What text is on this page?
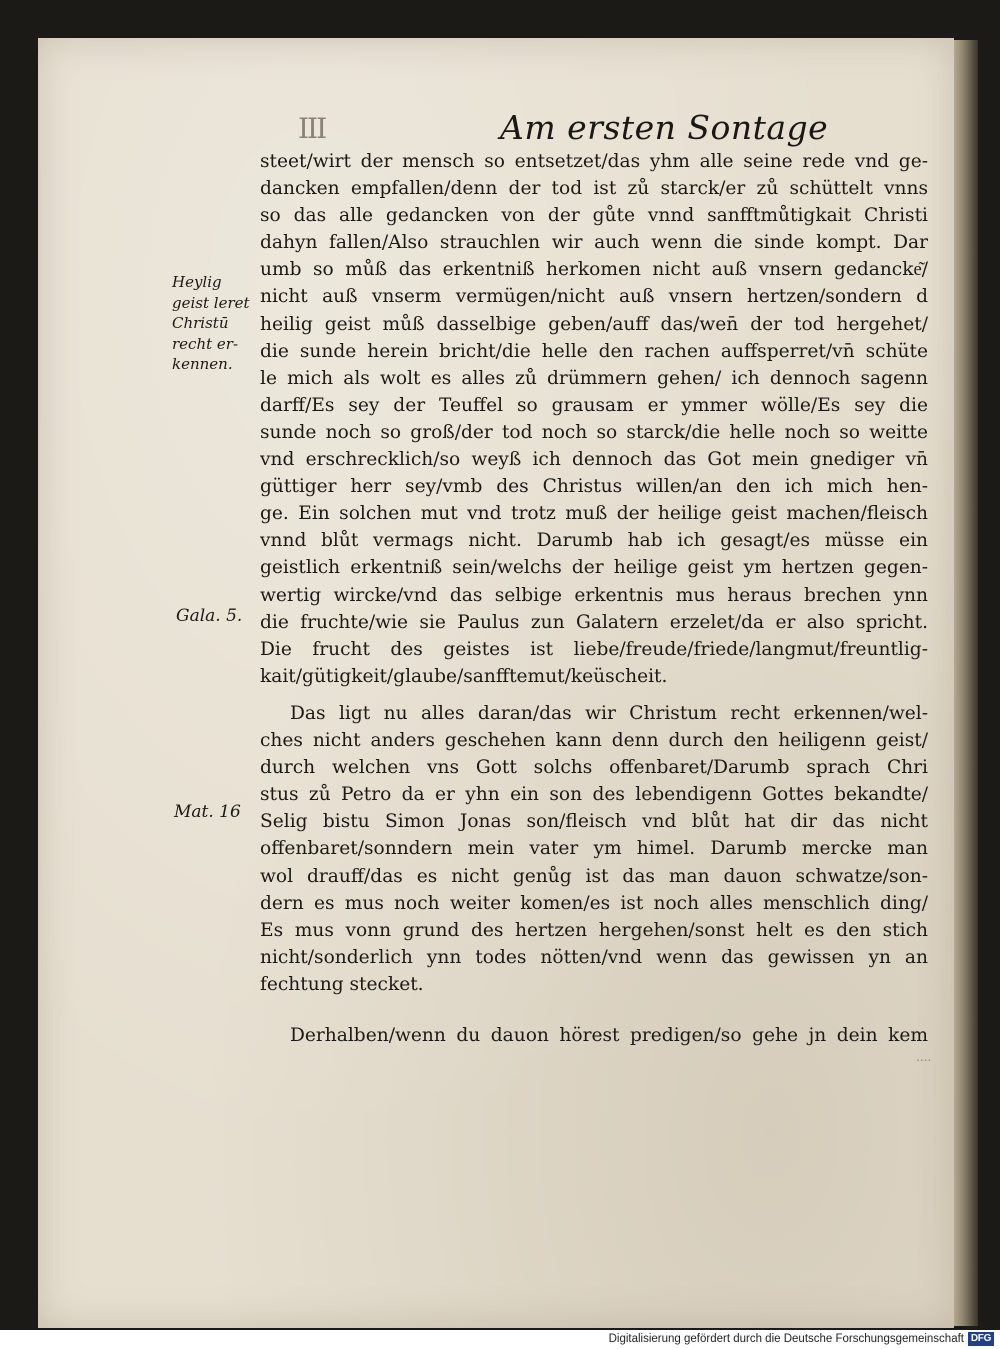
III	Am ersten Sontage
steet/wirt der mensch so entsetzet/das yhm alle seine rede vnd ge-
dancken empfallen/denn der tod ist zů starck/er zů schüttelt vnns
so das alle gedancken von der gůte vnnd sanfftmůtigkait Christi
dahyn fallen/Also strauchlen wir auch wenn die sinde kompt. Dar
umb so můß das erkentniß herkomen nicht auß vnsern gedancke͂/
nicht auß vnserm vermügen/nicht auß vnsern hertzen/sondern d
heilig geist můß dasselbige geben/auff das/wen̄ der tod hergehet/
die sunde herein bricht/die helle den rachen auffsperret/vn̄ schüte
le mich als wolt es alles zů drümmern gehen/ ich dennoch sagenn
darff/Es sey der Teuffel so grausam er ymmer wölle/Es sey die
sunde noch so groß/der tod noch so starck/die helle noch so weitte
vnd erschrecklich/so weyß ich dennoch das Got mein gnediger vn̄
güttiger herr sey/vmb des Christus willen/an den ich mich hen-
ge. Ein solchen mut vnd trotz muß der heilige geist machen/fleisch
vnnd blůt vermags nicht. Darumb hab ich gesagt/es müsse ein
geistlich erkentniß sein/welchs der heilige geist ym hertzen gegen-
wertig wircke/vnd das selbige erkentnis mus heraus brechen ynn
die fruchte/wie sie Paulus zun Galatern erzelet/da er also spricht.
Die frucht des geistes ist liebe/freude/friede/langmut/freuntlig-
kait/gütigkeit/glaube/sanfftemut/keüscheit.
Das ligt nu alles daran/das wir Christum recht erkennen/wel-
ches nicht anders geschehen kann denn durch den heiligenn geist/
durch welchen vns Gott solchs offenbaret/Darumb sprach Chri
stus zů Petro da er yhn ein son des lebendigenn Gottes bekandte/
Selig bistu Simon Jonas son/fleisch vnd blůt hat dir das nicht
offenbaret/sonndern mein vater ym himel. Darumb mercke man
wol drauff/das es nicht genůg ist das man dauon schwatze/son-
dern es mus noch weiter komen/es ist noch alles menschlich ding/
Es mus vonn grund des hertzen hergehen/sonst helt es den stich
nicht/sonderlich ynn todes nötten/vnd wenn das gewissen yn an
fechtung stecket.
Derhalben/wenn du dauon hörest predigen/so gehe jn dein kem
Heylig
geist leret
Christū
recht er-
kennen.
Gala. 5.
Mat. 16
....
Digitalisierung gefördert durch die Deutsche Forschungsgemeinschaft DFG
